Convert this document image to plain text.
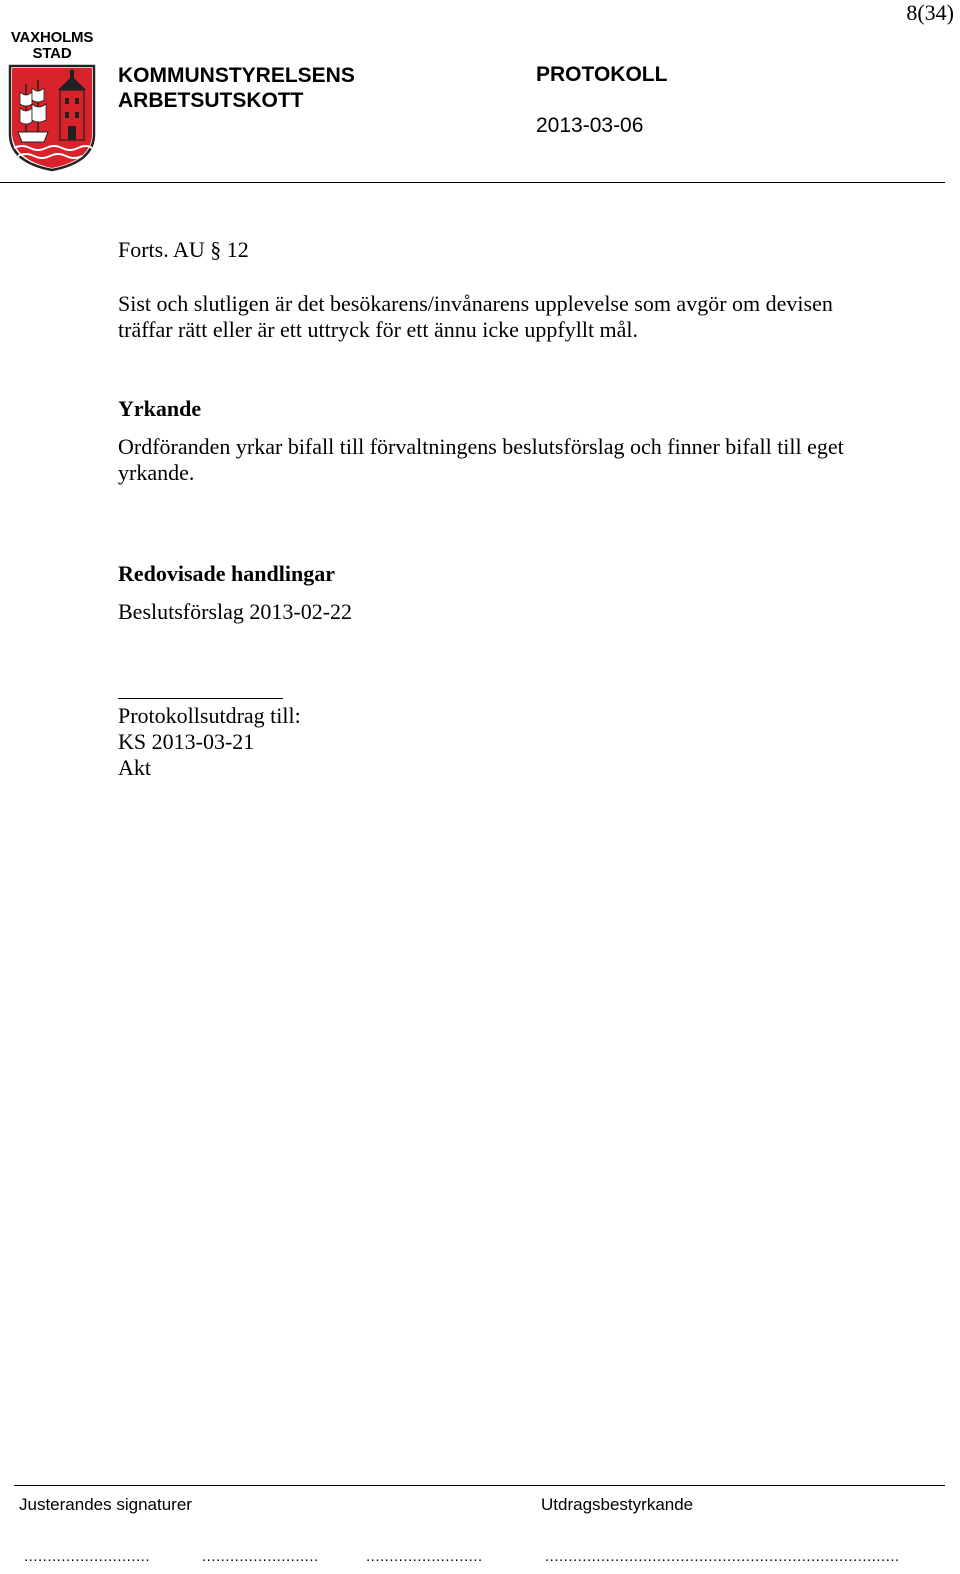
8(34)
VAXHOLMS
STAD
KOMMUNSTYRELSENS
ARBETSUTSKOTT
PROTOKOLL
2013-03-06
Forts. AU § 12
Sist och slutligen är det besökarens/invånarens upplevelse som avgör om devisen
träffar rätt eller är ett uttryck för ett ännu icke uppfyllt mål.
Yrkande
Ordföranden yrkar bifall till förvaltningens beslutsförslag och finner bifall till eget
yrkande.
Redovisade handlingar
Beslutsförslag 2013-02-22
Protokollsutdrag till:
KS 2013-03-21
Akt
Justerandes signaturer	Utdragsbestyrkande
...........................	.........................	.........................	............................................................................
